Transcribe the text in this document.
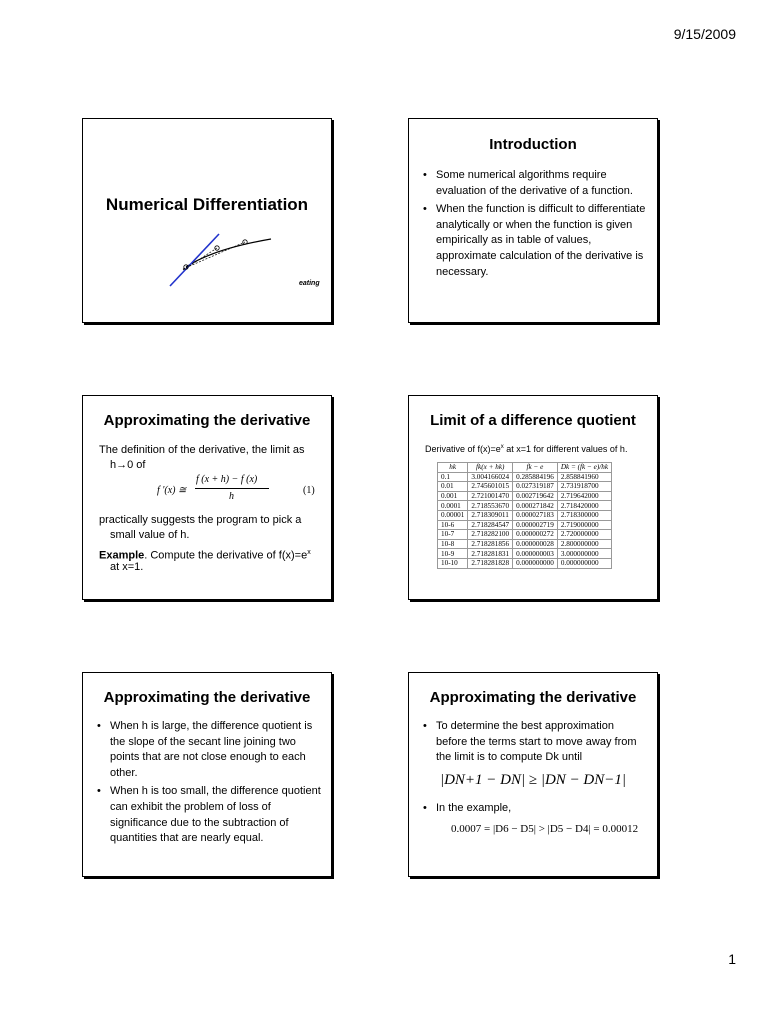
9/15/2009
Numerical Differentiation
eating
Introduction
• Some numerical algorithms require evaluation of the derivative of a function.
• When the function is difficult to differentiate analytically or when the function is given empirically as in table of values, approximate calculation of the derivative is necessary.
Approximating the derivative
The definition of the derivative, the limit as
h→0 of
f '(x) ≅
f (x + h) − f (x)
h
(1)
practically suggests the program to pick a
small value of h.
Example. Compute the derivative of $f(x)=e^x$
at x=1.
Limit of a difference quotient
Derivative of $f(x)=e^x$ at x=1 for different values of h.
hk	fk(x + hk)	fk − e	Dk = (fk − e)/hk
0.1	3.004166024	0.285884196	2.858841960
0.01	2.745601015	0.027319187	2.731918700
0.001	2.721001470	0.002719642	2.719642000
0.0001	2.718553670	0.000271842	2.718420000
0.00001	2.718309011	0.000027183	2.718300000
10-6	2.718284547	0.000002719	2.719000000
10-7	2.718282100	0.000000272	2.720000000
10-8	2.718281856	0.000000028	2.800000000
10-9	2.718281831	0.000000003	3.000000000
10-10	2.718281828	0.000000000	0.000000000
Approximating the derivative
• When h is large, the difference quotient is the slope of the secant line joining two points that are not close enough to each other.
• When h is too small, the difference quotient can exhibit the problem of loss of significance due to the subtraction of quantities that are nearly equal.
Approximating the derivative
• To determine the best approximation before the terms start to move away from the limit is to compute Dk until
|DN+1 − DN| ≥ |DN − DN−1|
• In the example,
0.0007 = |D6 − D5| > |D5 − D4| = 0.00012
1
